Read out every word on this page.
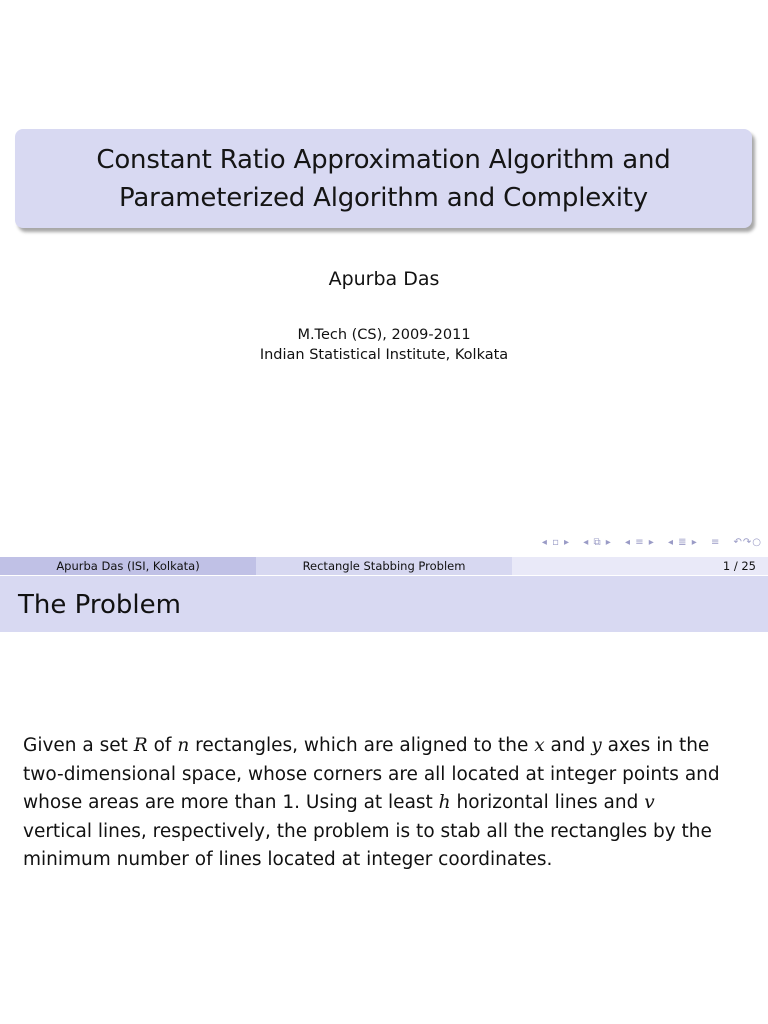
Constant Ratio Approximation Algorithm and
Parameterized Algorithm and Complexity
Apurba Das
M.Tech (CS), 2009-2011
Indian Statistical Institute, Kolkata
◂ ▫ ▸ ◂ ⧉ ▸ ◂ ≡ ▸ ◂ ≣ ▸ ≡ ↶↷○
Apurba Das (ISI, Kolkata)	Rectangle Stabbing Problem	1 / 25
The Problem
Given a set R of n rectangles, which are aligned to the x and y axes in the
two-dimensional space, whose corners are all located at integer points and
whose areas are more than 1. Using at least h horizontal lines and v
vertical lines, respectively, the problem is to stab all the rectangles by the
minimum number of lines located at integer coordinates.
